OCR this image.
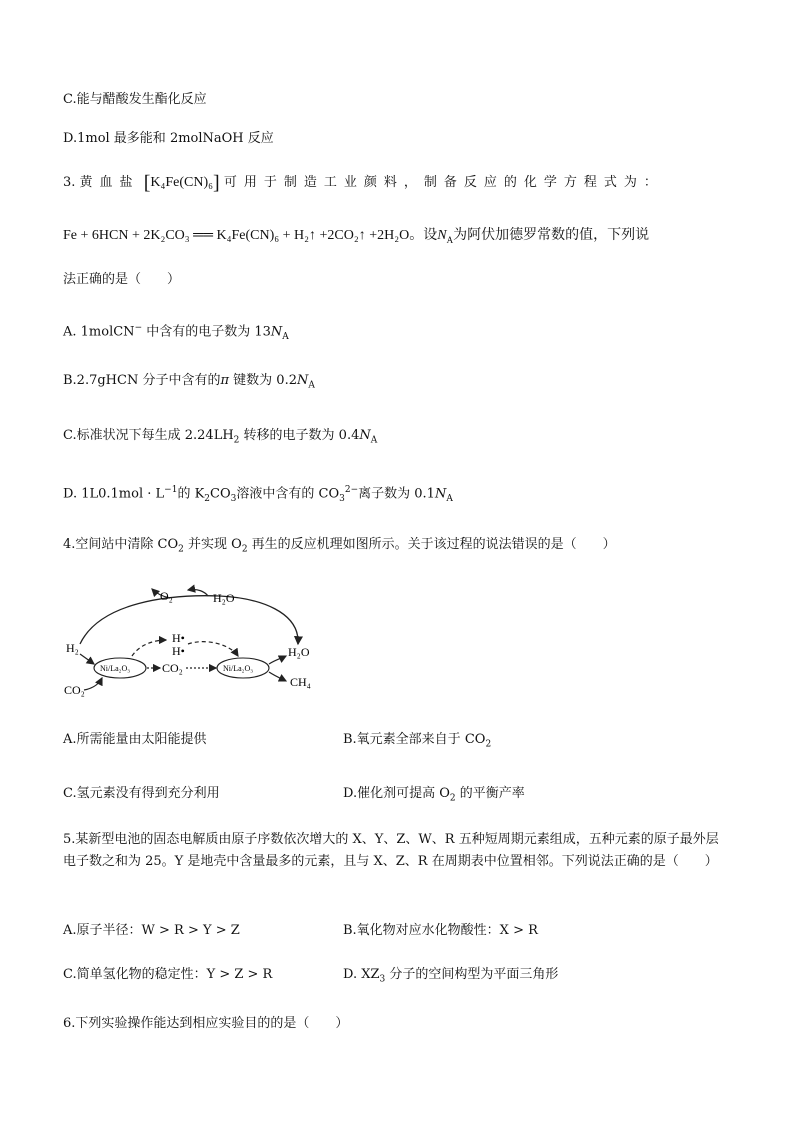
C.能与醋酸发生酯化反应
D.1mol 最多能和 2molNaOH 反应
3. 黄血盐 [K₄Fe(CN)₆] 可用于制造工业颜料，制备反应的化学方程式为：
Fe + 6HCN + 2K₂CO₃ ══ K₄Fe(CN)₆ + H₂↑ +2CO₂↑ +2H₂O。设$N_A$为阿伏加德罗常数的值，下列说
法正确的是（　　）
A. 1molCN− 中含有的电子数为 $13N_A$
B.2.7gHCN 分子中含有的π 键数为 $0.2N_A$
C.标准状况下每生成 $2.24LH_2$ 转移的电子数为 $0.4N_A$
D. $1L0.1mol \cdot L^{-1}$的 $K_2CO_3$溶液中含有的 $CO_3^{2-}$离子数为 $0.1N_A$
4.空间站中清除 $CO_2$ 并实现 $O_2$ 再生的反应机理如图所示。关于该过程的说法错误的是（　　）
O₂	H₂O
H₂
Ni/La₂O₃
CO₂
H•
H•
CO₂	Ni/La₂O₃
H₂O
CH₄
A.所需能量由太阳能提供	B.氧元素全部来自于 $CO_2$
C.氢元素没有得到充分利用	D.催化剂可提高 $O_2$ 的平衡产率
5.某新型电池的固态电解质由原子序数依次增大的 X、Y、Z、W、R 五种短周期元素组成，五种元素的原子最外层电子数之和为 25。Y 是地壳中含量最多的元素，且与 X、Z、R 在周期表中位置相邻。下列说法正确的是（　　）
A.原子半径：W > R > Y > Z	B.氧化物对应水化物酸性：X > R
C.简单氢化物的稳定性：Y > Z > R	D. $XZ_3$ 分子的空间构型为平面三角形
6.下列实验操作能达到相应实验目的的是（　　）
